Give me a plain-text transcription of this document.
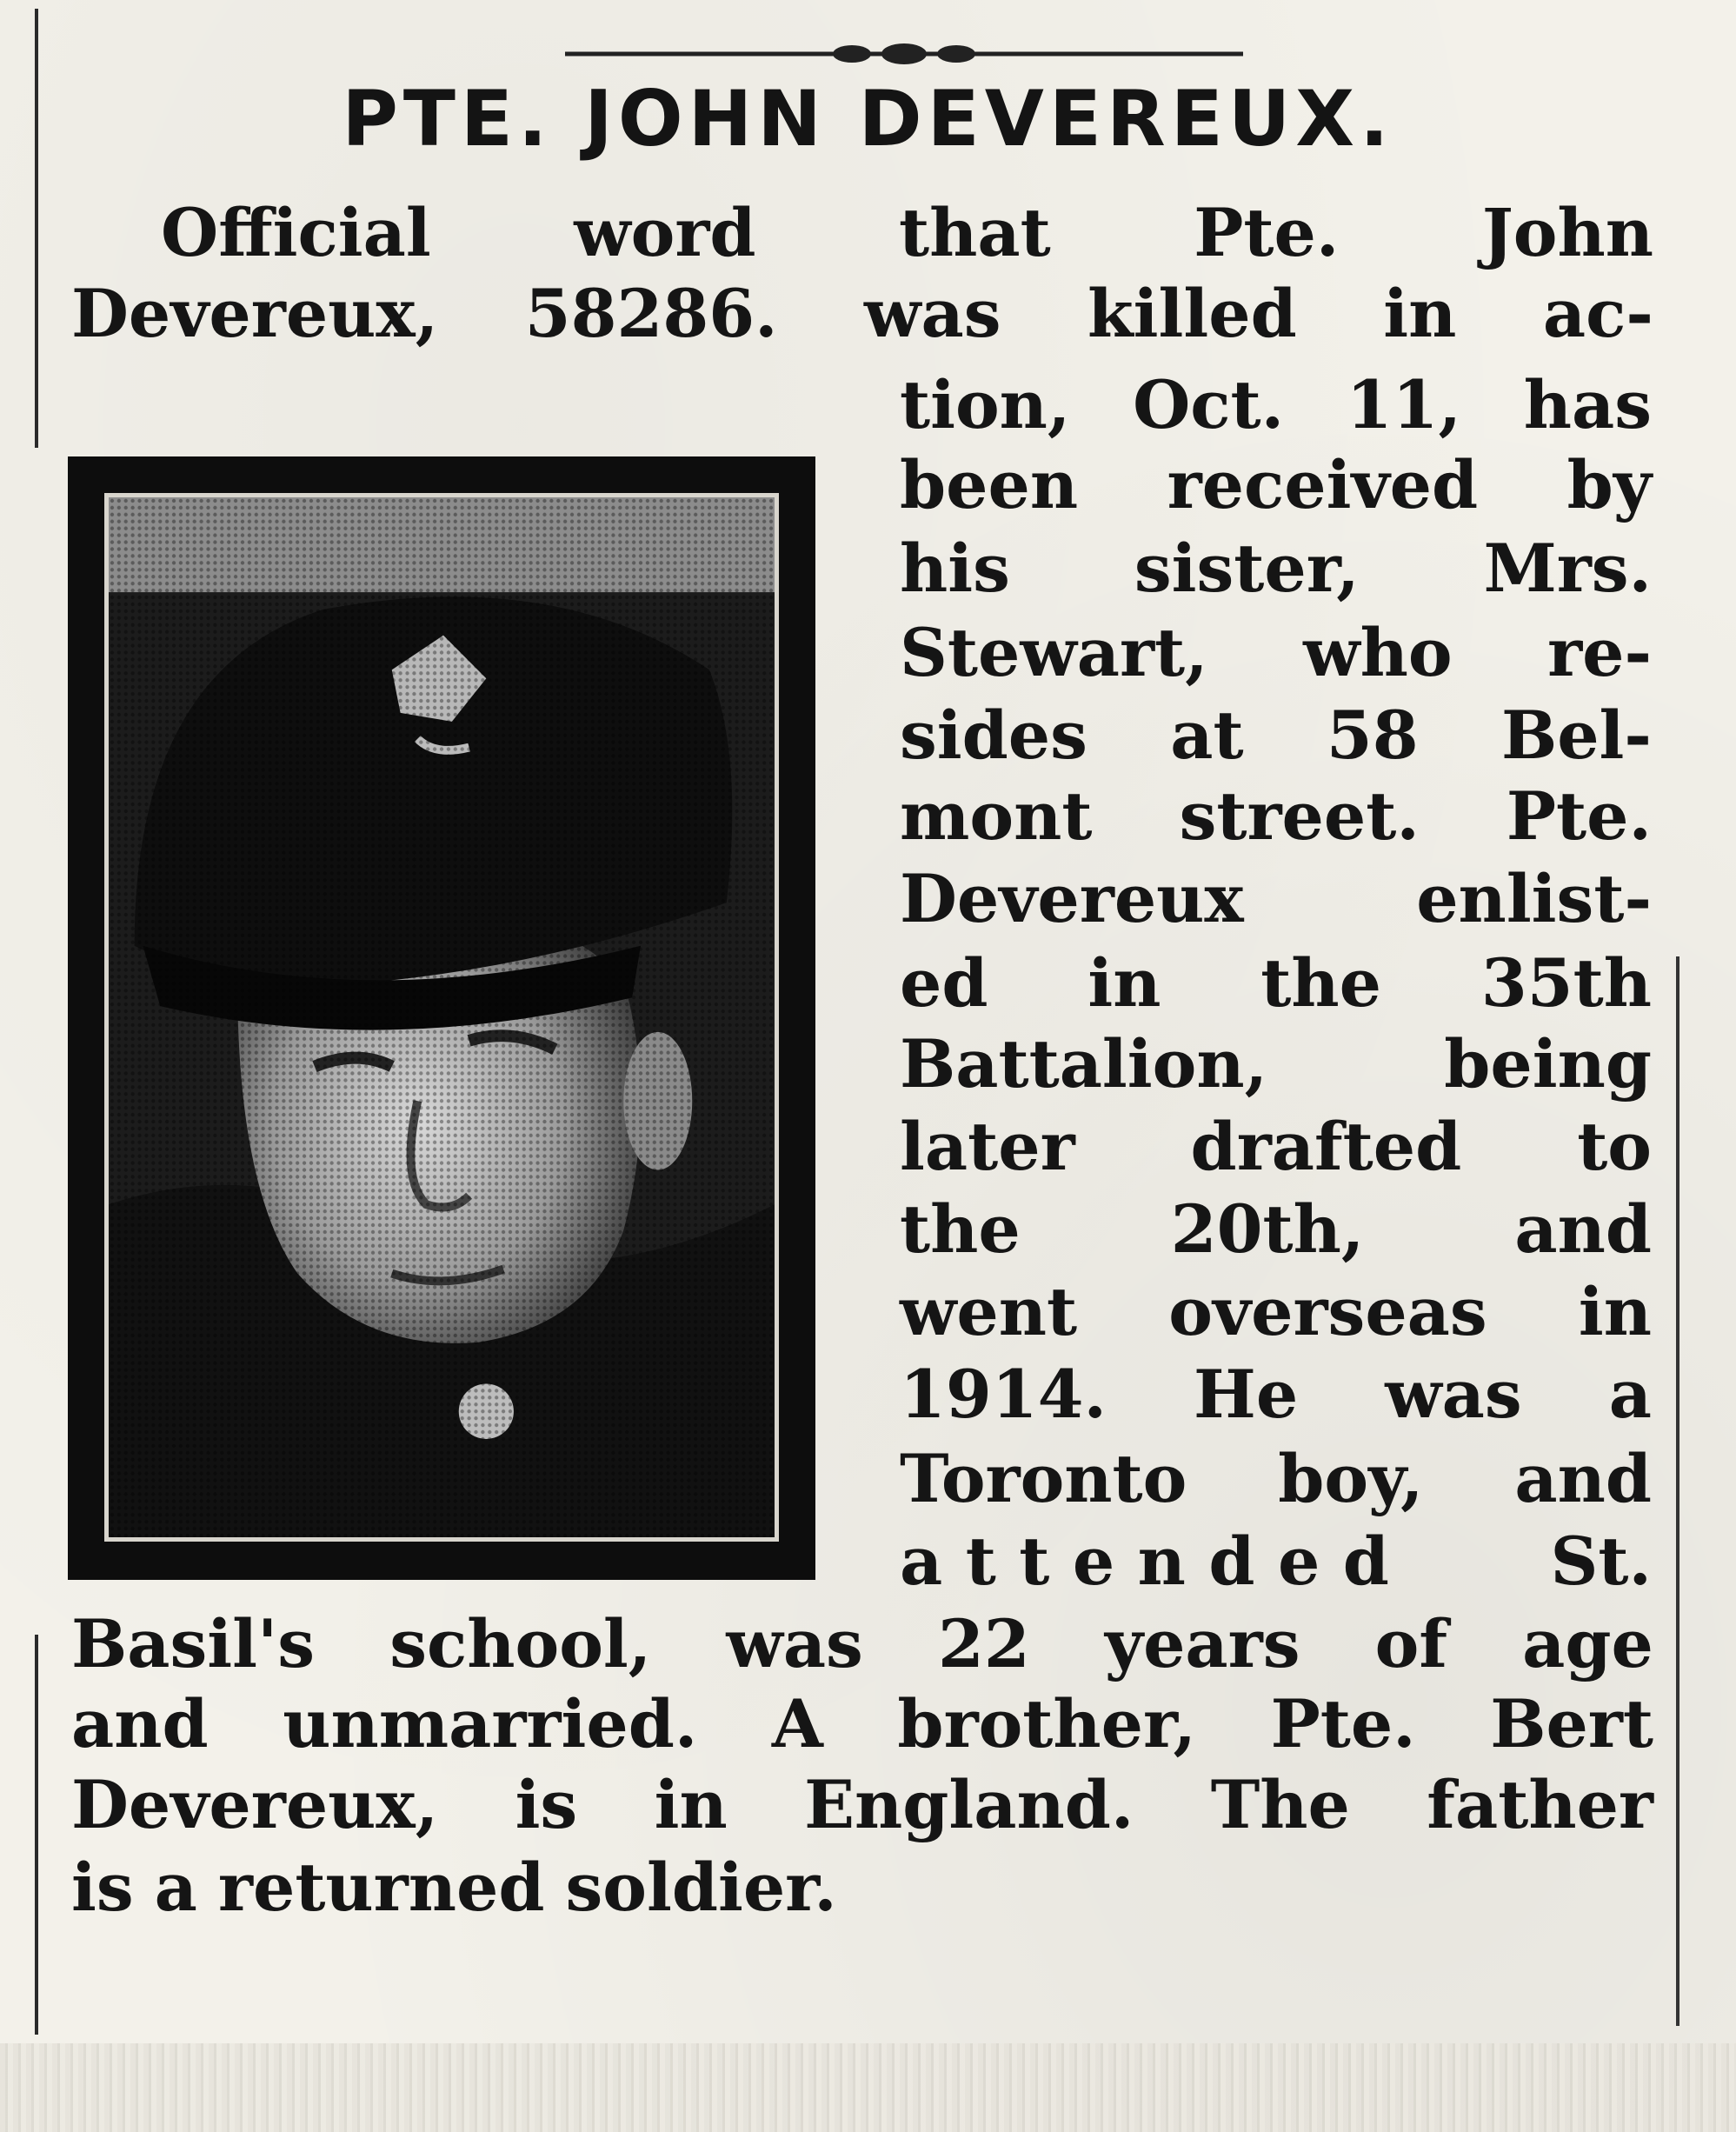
PTE. JOHN DEVEREUX.

Official word that Pte. John

Devereux, 58286. was killed in ac-

tion, Oct. 11, has

been received by

his sister, Mrs.

Stewart, who re-

sides at 58 Bel-

mont street. Pte.

Devereux	enlist-

ed in the 35th

Battalion,	being

later drafted to

the 20th, and

went overseas in

1914. He was a

Toronto boy, and

a t t e n d e d St.

Basil's school, was 22 years of age

and unmarried. A brother, Pte. Bert

Devereux, is in England. The father

is a returned soldier.
